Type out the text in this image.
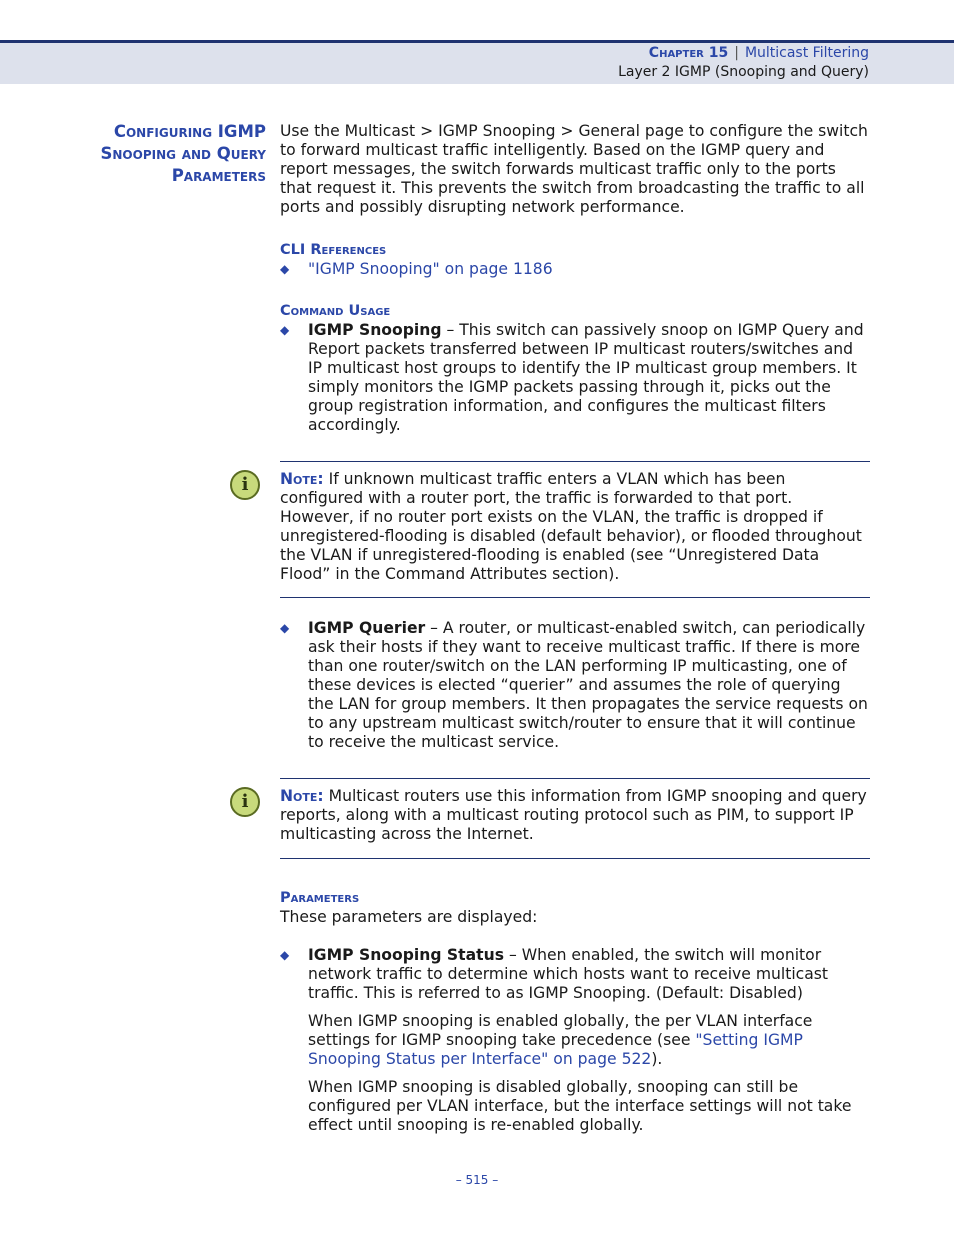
Chapter 15 | Multicast Filtering
Layer 2 IGMP (Snooping and Query)
Configuring IGMP
Snooping and Query
Parameters

Use the Multicast > IGMP Snooping > General page to configure the switch to forward multicast traffic intelligently. Based on the IGMP query and report messages, the switch forwards multicast traffic only to the ports that request it. This prevents the switch from broadcasting the traffic to all ports and possibly disrupting network performance.

CLI References
◆ "IGMP Snooping" on page 1186
Command Usage
◆ IGMP Snooping – This switch can passively snoop on IGMP Query and Report packets transferred between IP multicast routers/switches and IP multicast host groups to identify the IP multicast group members. It simply monitors the IGMP packets passing through it, picks out the group registration information, and configures the multicast filters accordingly.
i	Note: If unknown multicast traffic enters a VLAN which has been configured with a router port, the traffic is forwarded to that port. However, if no router port exists on the VLAN, the traffic is dropped if unregistered-flooding is disabled (default behavior), or flooded throughout the VLAN if unregistered-flooding is enabled (see “Unregistered Data Flood” in the Command Attributes section).
◆ IGMP Querier – A router, or multicast-enabled switch, can periodically ask their hosts if they want to receive multicast traffic. If there is more than one router/switch on the LAN performing IP multicasting, one of these devices is elected “querier” and assumes the role of querying the LAN for group members. It then propagates the service requests on to any upstream multicast switch/router to ensure that it will continue to receive the multicast service.
i	Note: Multicast routers use this information from IGMP snooping and query reports, along with a multicast routing protocol such as PIM, to support IP multicasting across the Internet.
Parameters

These parameters are displayed:

◆ IGMP Snooping Status – When enabled, the switch will monitor network traffic to determine which hosts want to receive multicast traffic. This is referred to as IGMP Snooping. (Default: Disabled)

When IGMP snooping is enabled globally, the per VLAN interface settings for IGMP snooping take precedence (see "Setting IGMP Snooping Status per Interface" on page 522).

When IGMP snooping is disabled globally, snooping can still be configured per VLAN interface, but the interface settings will not take effect until snooping is re-enabled globally.

– 515 –
